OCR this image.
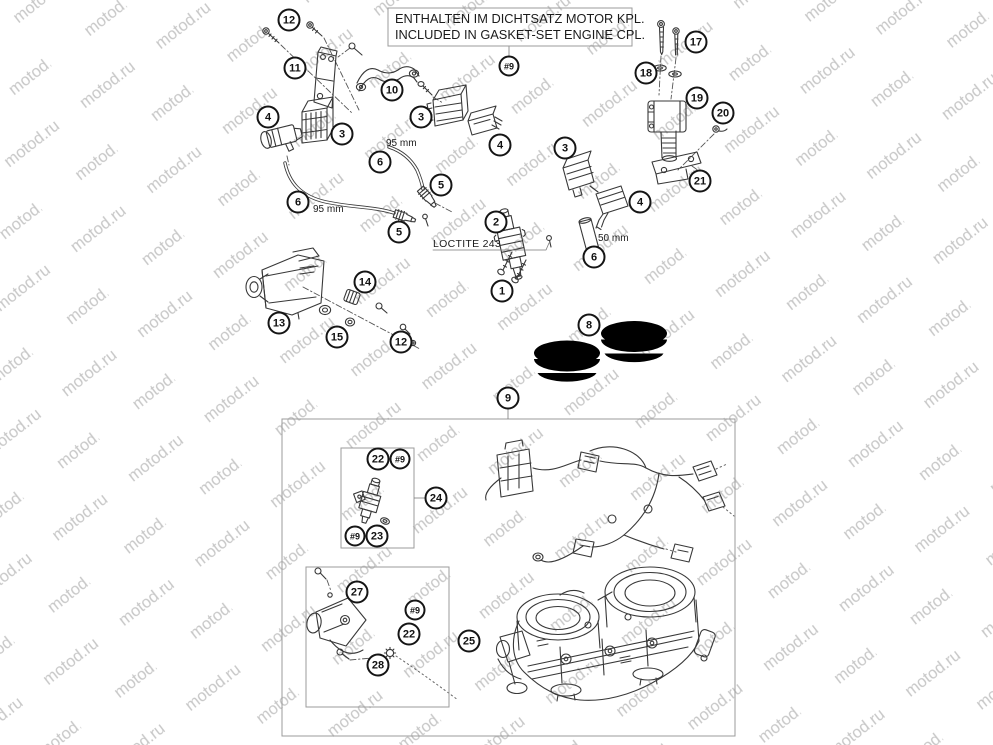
ENTHALTEN IM DICHTSATZ MOTOR KPL.
INCLUDED IN GASKET-SET ENGINE CPL.
95 mm
95 mm
50 mm
LOCTITE 243
12
11
10
#9
17
18
19
20
21
4
3
3
4	3
6
5
6
5
2
6
4
1
13
14
15	12
8
9
22 #9
24
#9 23
27
#9
22
28
25
